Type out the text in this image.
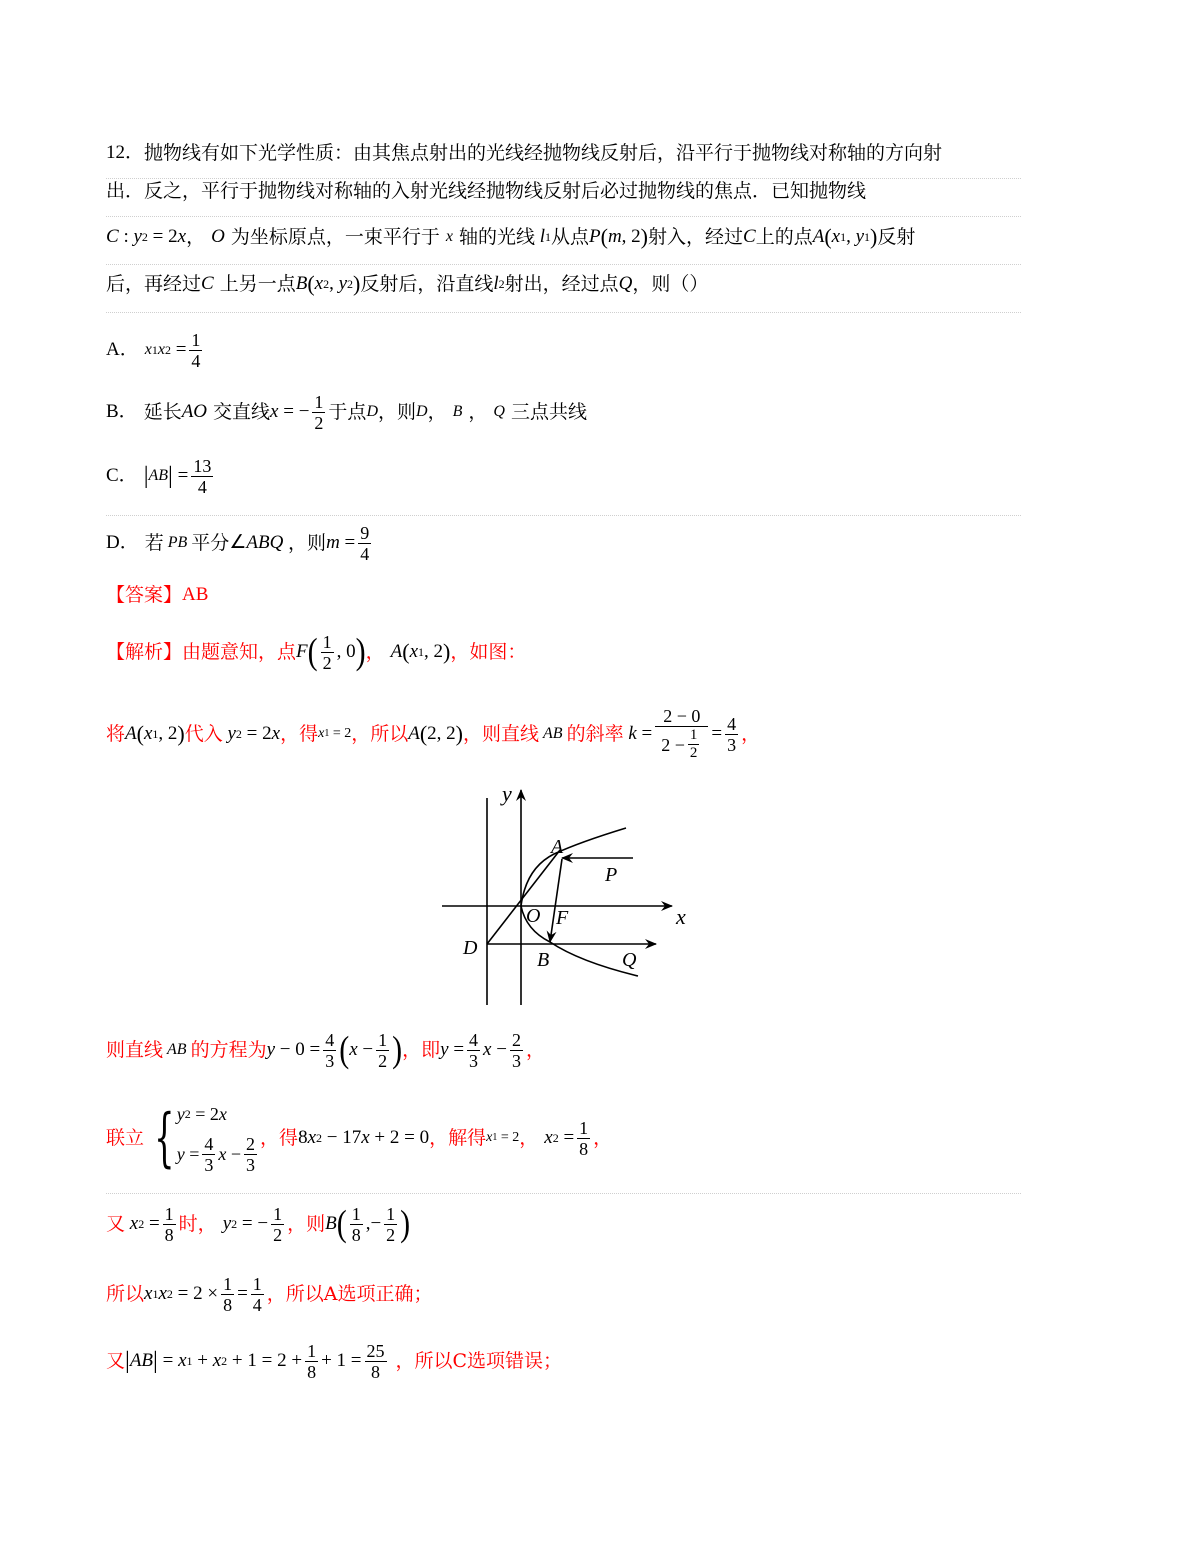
12． 抛物线有如下光学性质：由其焦点射出的光线经抛物线反射后，沿平行于抛物线对称轴的方向射
出．反之，平行于抛物线对称轴的入射光线经抛物线反射后必过抛物线的焦点．已知抛物线
C : y 2 = 2 x ， O 为坐标原点，一束平行于 x 轴的光线 l 1 从点 P ( m , 2 ) 射入，经过 C 上的点 A ( x 1 , y 1 ) 反射
后，再经过 C 上另一点 B ( x 2 , y 2 ) 反射后，沿直线 l 2 射出，经过点 Q ，则（）
A． x 1 x $2 = \frac{1}{4}$
B． 延长 AO 交直线 x = − $\frac{1}{2}$ 于点 D ，则 D ， B ， Q 三点共线
C． | AB | = $\frac{13}{4}$
D． 若 PB 平分 ∠ ABQ
，则 $m = \frac{9}{4}$
【答案】 AB
【解析】 由题意知，点 F ( $\frac{1}{2}$ , 0 ) ， A ( x 1 , 2 ) ，如图：
将 A ( x 1 , 2 ) 代入 y 2 = 2 x ，得 x 1 = 2 ，所以 A ( 2, 2 ) ，则直线 AB 的斜率 $k = \frac{2 - 0}{2 - \frac{1}{2}} = \frac{4}{3}$ ，
y
x
A
P
O F
D
B	Q
则直线 AB 的方程为 $y - 0 = \frac{4}{3}$ ( $x - \frac{1}{2}$ ) ，即 $y = \frac{4}{3}$ $x - \frac{2}{3}$ ，
联立 { y 2 = 2 x
$y = \frac{4}{3}$ $x - \frac{2}{3}$ ，得 8 x 2 − 17 x + 2 = 0 ，解得 x 1 = 2 ， x $2 = \frac{1}{8}$ ，
又 x $2 = \frac{1}{8}$ 时， y 2 = − $\frac{1}{2}$ ，则 B ( $\frac{1}{8}$ ,− $\frac{1}{2}$ )
所以 x 1 x $2 = 2 \times \frac{1}{8} = \frac{1}{4}$ ，所以A选项正确；
又 | AB | = x 1 + x $2 + 1 = 2 + \frac{1}{8} + 1 = \frac{25}{8}$ ，所以C选项错误；
